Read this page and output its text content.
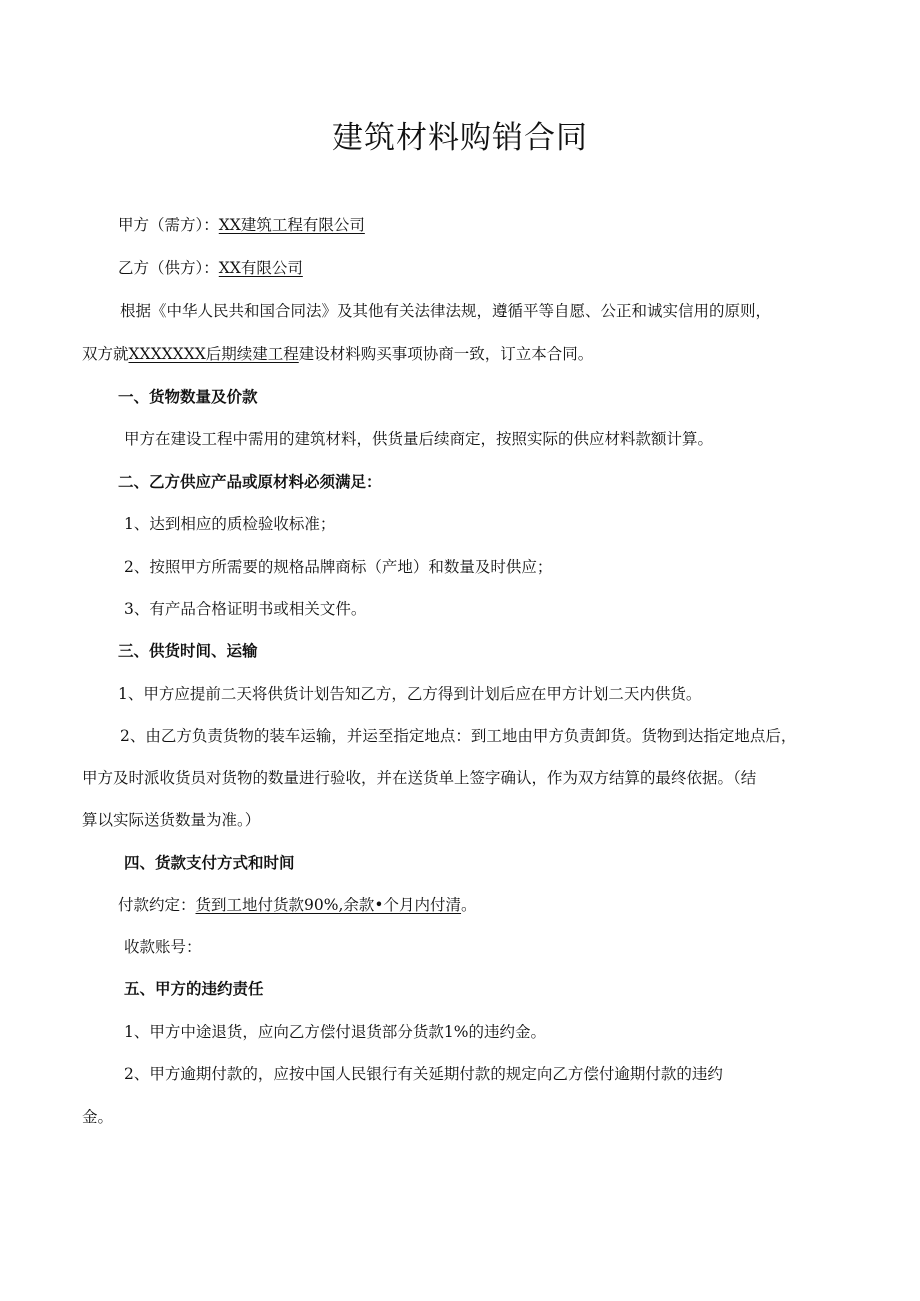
建筑材料购销合同
甲方（需方）：XX建筑工程有限公司
乙方（供方）：XX有限公司
根据《中华人民共和国合同法》及其他有关法律法规，遵循平等自愿、公正和诚实信用的原则，
双方就XXXXXXX后期续建工程建设材料购买事项协商一致，订立本合同。
一、货物数量及价款
甲方在建设工程中需用的建筑材料，供货量后续商定，按照实际的供应材料款额计算。
二、乙方供应产品或原材料必须满足：
1、达到相应的质检验收标准；
2、按照甲方所需要的规格品牌商标（产地）和数量及时供应；
3、有产品合格证明书或相关文件。
三、供货时间、运输
1、甲方应提前二天将供货计划告知乙方，乙方得到计划后应在甲方计划二天内供货。
2、由乙方负责货物的装车运输，并运至指定地点：到工地由甲方负责卸货。货物到达指定地点后，
甲方及时派收货员对货物的数量进行验收，并在送货单上签字确认，作为双方结算的最终依据。（结
算以实际送货数量为准。）
四、货款支付方式和时间
付款约定：货到工地付货款90%,余款•个月内付清。
收款账号：
五、甲方的违约责任
1、甲方中途退货，应向乙方偿付退货部分货款1%的违约金。
2、甲方逾期付款的，应按中国人民银行有关延期付款的规定向乙方偿付逾期付款的违约
金。
